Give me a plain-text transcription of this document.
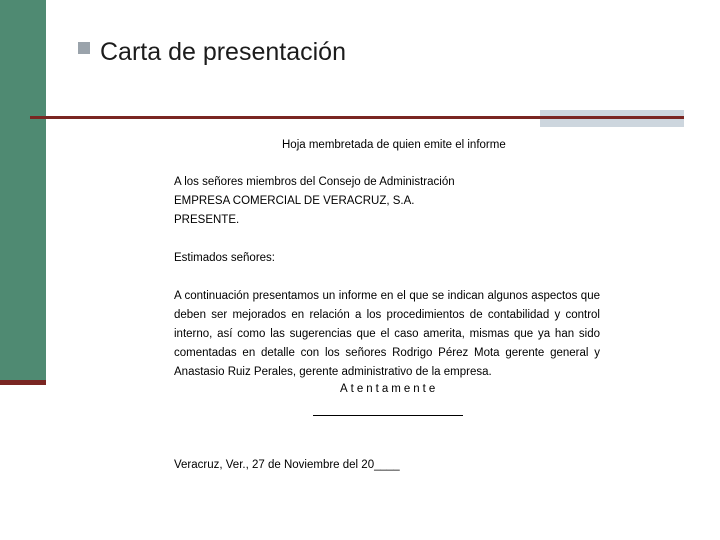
Carta de presentación
Hoja membretada de quien emite el informe
A los señores miembros del Consejo de Administración
EMPRESA COMERCIAL DE VERACRUZ, S.A.
PRESENTE.
Estimados señores:
A continuación presentamos un informe en el que se indican algunos aspectos que deben ser mejorados en relación a los procedimientos de contabilidad y control interno, así como las sugerencias que el caso amerita, mismas que ya han sido comentadas en detalle con los señores Rodrigo Pérez Mota gerente general y Anastasio Ruiz Perales, gerente administrativo de la empresa.
Atentamente
Veracruz, Ver., 27 de Noviembre del 20____
